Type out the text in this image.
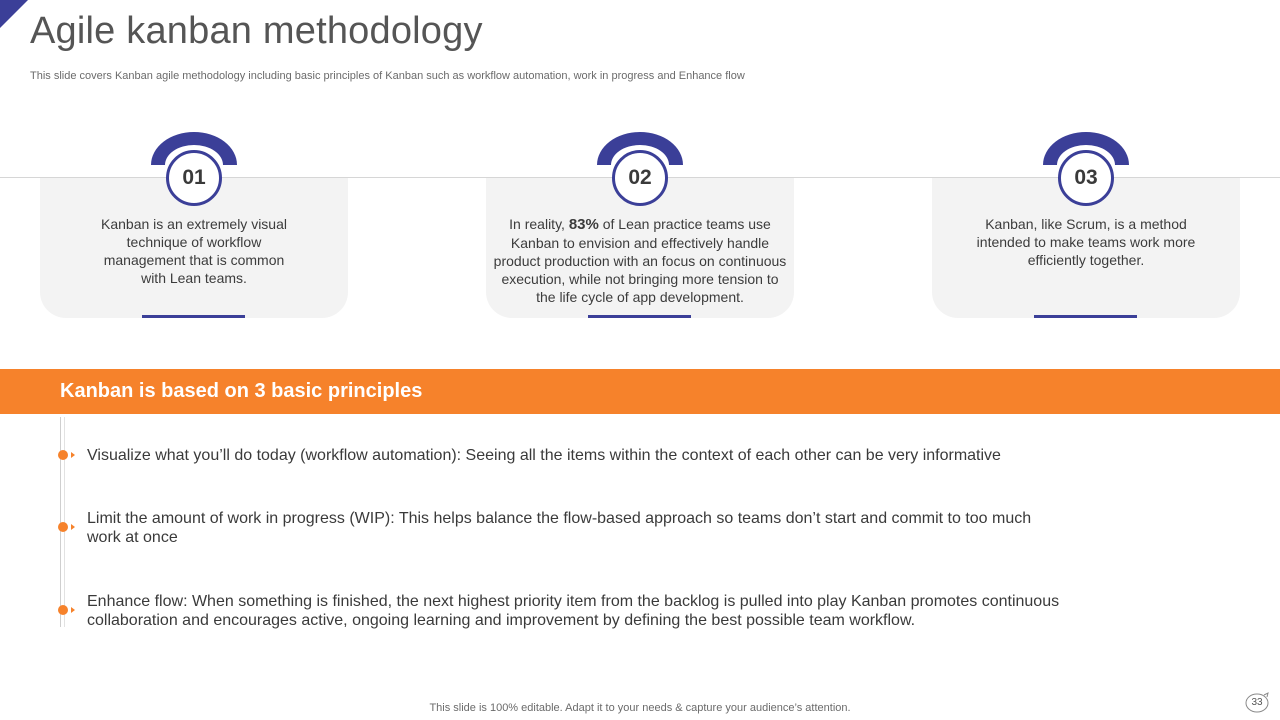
Agile kanban methodology

This slide covers Kanban agile methodology including basic principles of Kanban such as workflow automation, work in progress and Enhance flow

Kanban is an extremely visual technique of workflow management that is common with Lean teams.
01
In reality, 83% of Lean practice teams use Kanban to envision and effectively handle product production with an focus on continuous execution, while not bringing more tension to the life cycle of app development.
02
Kanban, like Scrum, is a method intended to make teams work more efficiently together.
03
Kanban is based on 3 basic principles
Visualize what you’ll do today (workflow automation): Seeing all the items within the context of each other can be very informative
Limit the amount of work in progress (WIP): This helps balance the flow-based approach so teams don’t start and commit to too much work at once
Enhance flow: When something is finished, the next highest priority item from the backlog is pulled into play Kanban promotes continuous collaboration and encourages active, ongoing learning and improvement by defining the best possible team workflow.
This slide is 100% editable. Adapt it to your needs & capture your audience’s attention.	33
